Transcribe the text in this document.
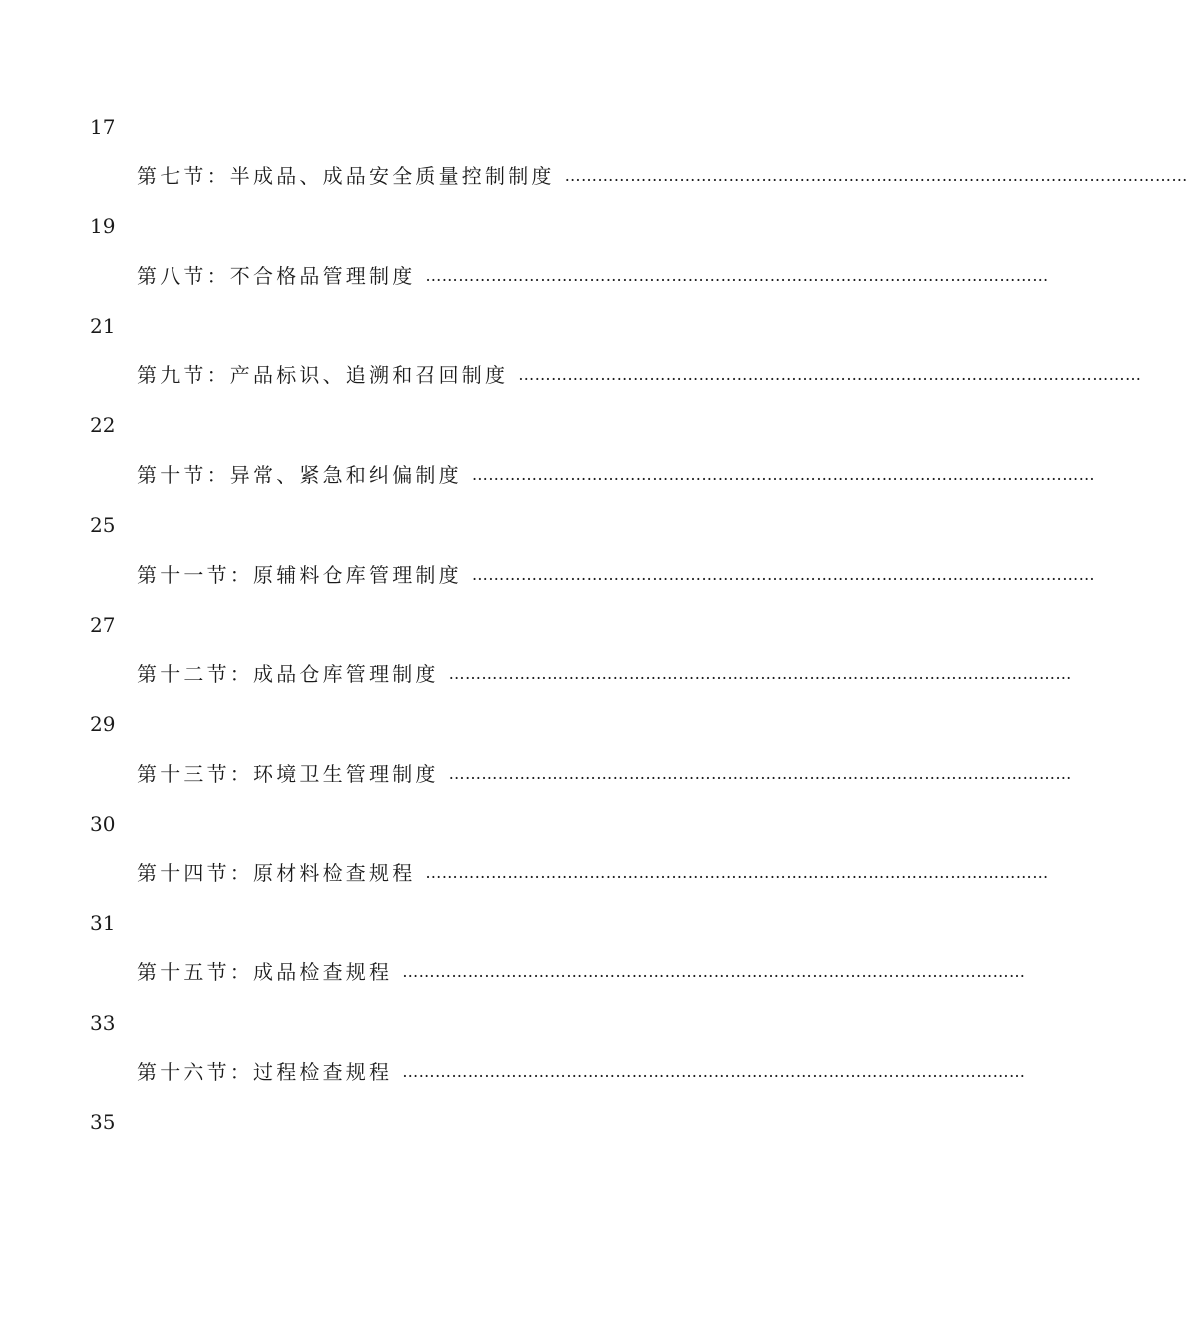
17
第七节：半成品、成品安全质量控制制度 ……………………………………………………………………………………………………
19
第八节：不合格品管理制度 ……………………………………………………………………………………………………
21
第九节：产品标识、追溯和召回制度 ……………………………………………………………………………………………………
22
第十节：异常、紧急和纠偏制度 ……………………………………………………………………………………………………
25
第十一节：原辅料仓库管理制度 ……………………………………………………………………………………………………
27
第十二节：成品仓库管理制度 ……………………………………………………………………………………………………
29
第十三节：环境卫生管理制度 ……………………………………………………………………………………………………
30
第十四节：原材料检查规程 ……………………………………………………………………………………………………
31
第十五节：成品检查规程 ……………………………………………………………………………………………………
33
第十六节：过程检查规程 ……………………………………………………………………………………………………
35
